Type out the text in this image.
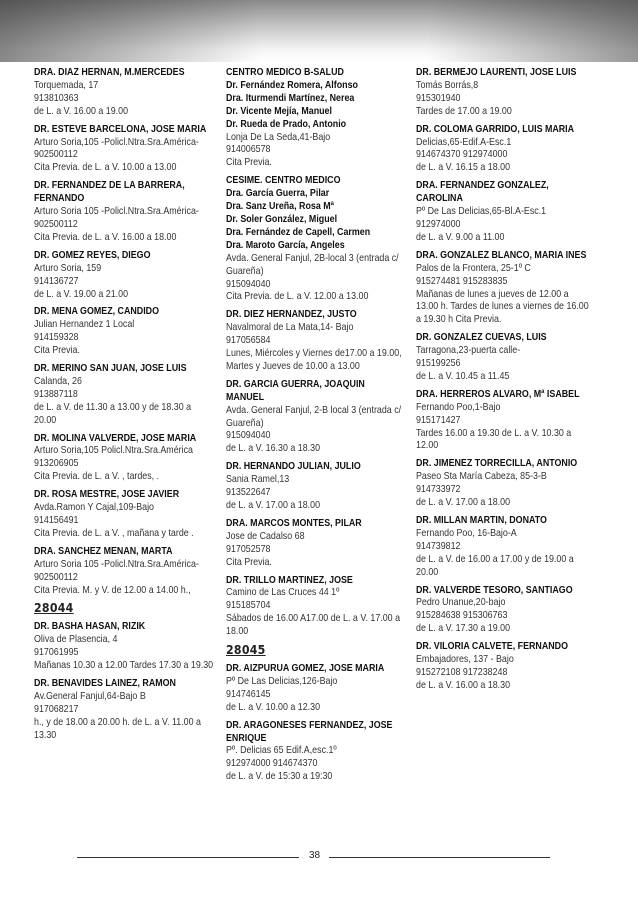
DRA. DIAZ HERNAN, M.MERCEDES
Torquemada, 17
913810363
de L. a V. 16.00 a 19.00
DR. ESTEVE BARCELONA, JOSE MARIA
Arturo Soria,105 -Policl.Ntra.Sra.América-
902500112
Cita Previa. de L. a V. 10.00 a 13.00
DR. FERNANDEZ DE LA BARRERA, FERNANDO
Arturo Soria 105 -Policl.Ntra.Sra.América-
902500112
Cita Previa. de L. a V. 16.00 a 18.00
DR. GOMEZ REYES, DIEGO
Arturo Soria, 159
914136727
de L. a V. 19.00 a 21.00
DR. MENA GOMEZ, CANDIDO
Julian Hernandez 1 Local
914159328
Cita Previa.
DR. MERINO SAN JUAN, JOSE LUIS
Calanda, 26
913887118
de L. a V. de 11.30 a 13.00 y de 18.30 a 20.00
DR. MOLINA VALVERDE, JOSE MARIA
Arturo Soria,105 Policl.Ntra.Sra.América
913206905
Cita Previa. de L. a V. , tardes, .
DR. ROSA MESTRE, JOSE JAVIER
Avda.Ramon Y Cajal,109-Bajo
914156491
Cita Previa. de L. a V. , mañana y tarde .
DRA. SANCHEZ MENAN, MARTA
Arturo Soria 105 -Policl.Ntra.Sra.América-
902500112
Cita Previa. M. y V. de 12.00 a 14.00 h.,
28044
DR. BASHA HASAN, RIZIK
Oliva de Plasencia, 4
917061995
Mañanas 10.30 a 12.00 Tardes 17.30 a 19.30
DR. BENAVIDES LAINEZ, RAMON
Av.General Fanjul,64-Bajo B
917068217
h., y de 18.00 a 20.00 h. de L. a V. 11.00 a 13.30
CENTRO MEDICO B-SALUD
Dr. Fernández Romera, Alfonso
Dra. Iturmendi Martínez, Nerea
Dr. Vicente Mejía, Manuel
Dr. Rueda de Prado, Antonio
Lonja De La Seda,41-Bajo
914006578
Cita Previa.
CESIME. CENTRO MEDICO
Dra. García Guerra, Pilar
Dra. Sanz Ureña, Rosa Mª
Dr. Soler González, Miguel
Dra. Fernández de Capell, Carmen
Dra. Maroto García, Angeles
Avda. General Fanjul, 2B-local 3 (entrada c/ Guareña)
915094040
Cita Previa. de L. a V. 12.00 a 13.00
DR. DIEZ HERNANDEZ, JUSTO
Navalmoral de La Mata,14- Bajo
917056584
Lunes, Miércoles y Viernes de17.00 a 19.00, Martes y Jueves de 10.00 a 13.00
DR. GARCIA GUERRA, JOAQUIN MANUEL
Avda. General Fanjul, 2-B local 3 (entrada c/ Guareña)
915094040
de L. a V. 16.30 a 18.30
DR. HERNANDO JULIAN, JULIO
Sania Ramel,13
913522647
de L. a V. 17.00 a 18.00
DRA. MARCOS MONTES, PILAR
Jose de Cadalso 68
917052578
Cita Previa.
DR. TRILLO MARTINEZ, JOSE
Camino de Las Cruces 44 1º
915185704
Sábados de 16.00 A17.00 de L. a V. 17.00 a 18.00
28045
DR. AIZPURUA GOMEZ, JOSE MARIA
Pº De Las Delicias,126-Bajo
914746145
de L. a V. 10.00 a 12.30
DR. ARAGONESES FERNANDEZ, JOSE ENRIQUE
Pº. Delicias 65 Edif.A,esc.1º
912974000 914674370
de L. a V. de 15:30 a 19:30
DR. BERMEJO LAURENTI, JOSE LUIS
Tomás Borrás,8
915301940
Tardes de 17.00 a 19.00
DR. COLOMA GARRIDO, LUIS MARIA
Delicias,65-Edif.A-Esc.1
914674370 912974000
de L. a V. 16.15 a 18.00
DRA. FERNANDEZ GONZALEZ, CAROLINA
Pº De Las Delicias,65-Bl.A-Esc.1
912974000
de L. a V. 9.00 a 11.00
DRA. GONZALEZ BLANCO, MARIA INES
Palos de la Frontera, 25-1º C
915274481 915283835
Mañanas de lunes a jueves de 12.00 a 13.00 h. Tardes de lunes a viernes de 16.00 a 19.30 h Cita Previa.
DR. GONZALEZ CUEVAS, LUIS
Tarragona,23-puerta calle-
915199256
de L. a V. 10.45 a 11.45
DRA. HERREROS ALVARO, Mª ISABEL
Fernando Poo,1-Bajo
915171427
Tardes 16.00 a 19.30 de L. a V. 10.30 a 12.00
DR. JIMENEZ TORRECILLA, ANTONIO
Paseo Sta María Cabeza, 85-3-B
914733972
de L. a V. 17.00 a 18.00
DR. MILLAN MARTIN, DONATO
Fernando Poo, 16-Bajo-A
914739812
de L. a V. de 16.00 a 17.00 y de 19.00 a 20.00
DR. VALVERDE TESORO, SANTIAGO
Pedro Unanue,20-bajo
915284638 915306763
de L. a V. 17.30 a 19.00
DR. VILORIA CALVETE, FERNANDO
Embajadores, 137 - Bajo
915272108 917238248
de L. a V. 16.00 a 18.30
38
